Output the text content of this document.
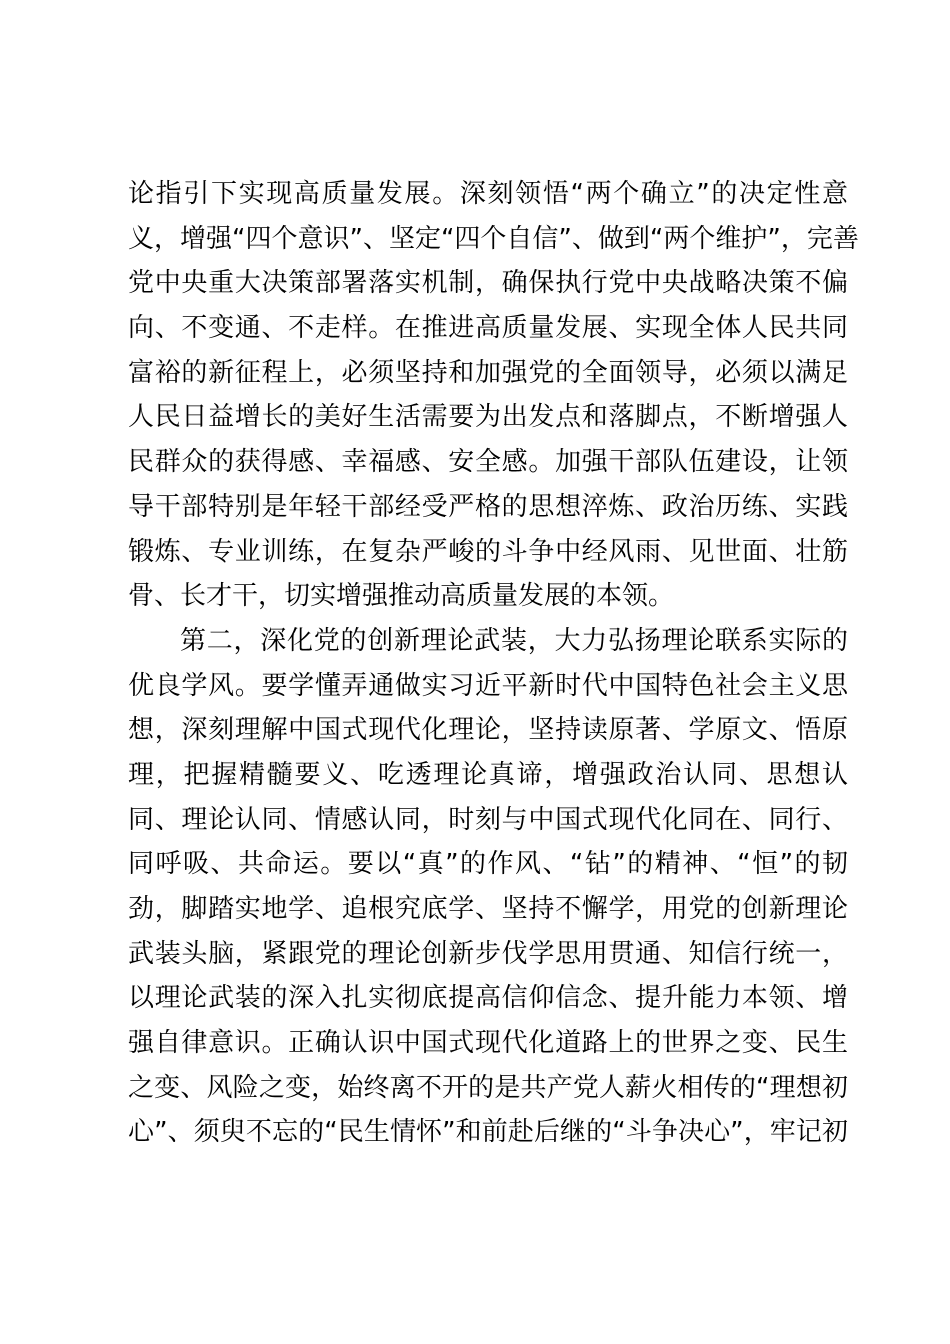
论指引下实现高质量发展。深刻领悟“两个确立”的决定性意
义，增强“四个意识”、坚定“四个自信”、做到“两个维护”，完善
党中央重大决策部署落实机制，确保执行党中央战略决策不偏
向、不变通、不走样。在推进高质量发展、实现全体人民共同
富裕的新征程上，必须坚持和加强党的全面领导，必须以满足
人民日益增长的美好生活需要为出发点和落脚点，不断增强人
民群众的获得感、幸福感、安全感。加强干部队伍建设，让领
导干部特别是年轻干部经受严格的思想淬炼、政治历练、实践
锻炼、专业训练，在复杂严峻的斗争中经风雨、见世面、壮筋
骨、长才干，切实增强推动高质量发展的本领。
第二，深化党的创新理论武装，大力弘扬理论联系实际的
优良学风。要学懂弄通做实习近平新时代中国特色社会主义思
想，深刻理解中国式现代化理论，坚持读原著、学原文、悟原
理，把握精髓要义、吃透理论真谛，增强政治认同、思想认
同、理论认同、情感认同，时刻与中国式现代化同在、同行、
同呼吸、共命运。要以“真”的作风、“钻”的精神、“恒”的韧
劲，脚踏实地学、追根究底学、坚持不懈学，用党的创新理论
武装头脑，紧跟党的理论创新步伐学思用贯通、知信行统一，
以理论武装的深入扎实彻底提高信仰信念、提升能力本领、增
强自律意识。正确认识中国式现代化道路上的世界之变、民生
之变、风险之变，始终离不开的是共产党人薪火相传的“理想初
心”、须臾不忘的“民生情怀”和前赴后继的“斗争决心”，牢记初
